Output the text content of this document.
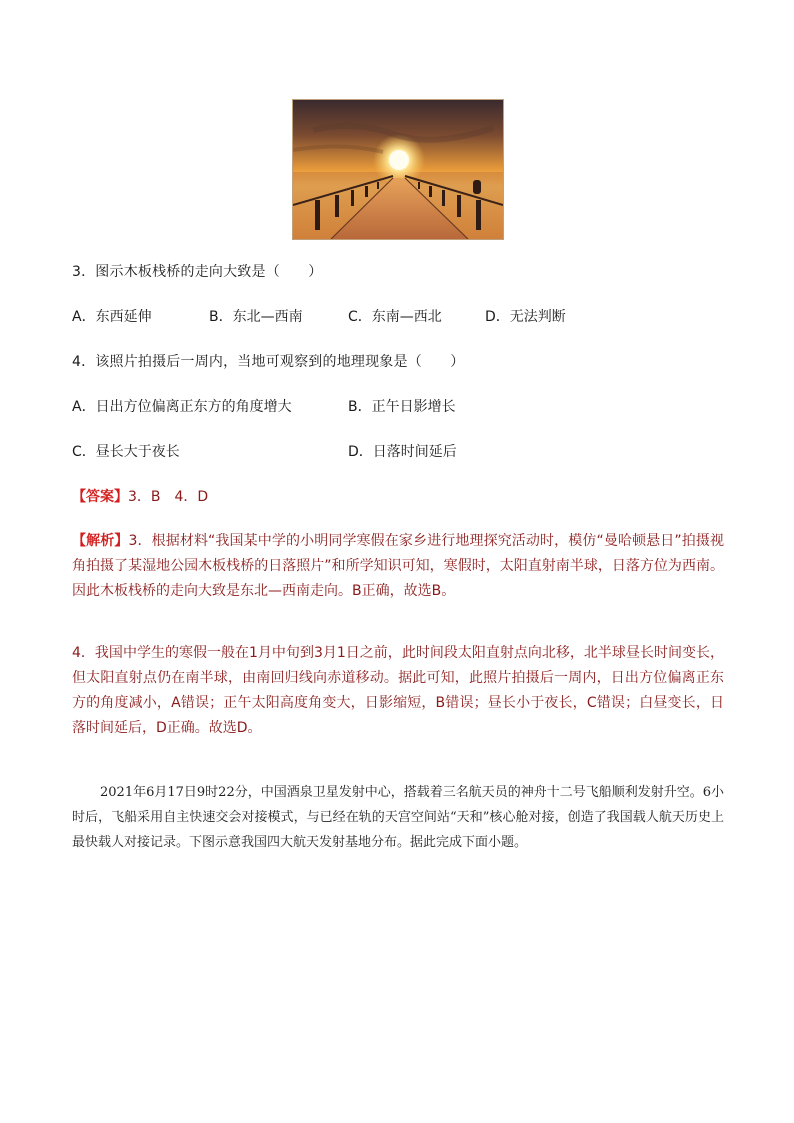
3．图示木板栈桥的走向大致是（　　）
A．东西延伸	B．东北—西南	C．东南—西北	D．无法判断
4．该照片拍摄后一周内，当地可观察到的地理现象是（　　）
A．日出方位偏离正东方的角度增大	B．正午日影增长
C．昼长大于夜长	D．日落时间延后
【答案】3．B　4．D
【解析】3．根据材料“我国某中学的小明同学寒假在家乡进行地理探究活动时，模仿“曼哈顿悬日”拍摄视角拍摄了某湿地公园木板栈桥的日落照片”和所学知识可知，寒假时，太阳直射南半球，日落方位为西南。因此木板栈桥的走向大致是东北—西南走向。B正确，故选B。
4．我国中学生的寒假一般在1月中旬到3月1日之前，此时间段太阳直射点向北移，北半球昼长时间变长，但太阳直射点仍在南半球，由南回归线向赤道移动。据此可知，此照片拍摄后一周内，日出方位偏离正东方的角度减小，A错误；正午太阳高度角变大，日影缩短，B错误；昼长小于夜长，C错误；白昼变长，日落时间延后，D正确。故选D。
2021年6月17日9时22分，中国酒泉卫星发射中心，搭载着三名航天员的神舟十二号飞船顺利发射升空。6小时后，飞船采用自主快速交会对接模式，与已经在轨的天宫空间站“天和”核心舱对接，创造了我国载人航天历史上最快载人对接记录。下图示意我国四大航天发射基地分布。据此完成下面小题。
